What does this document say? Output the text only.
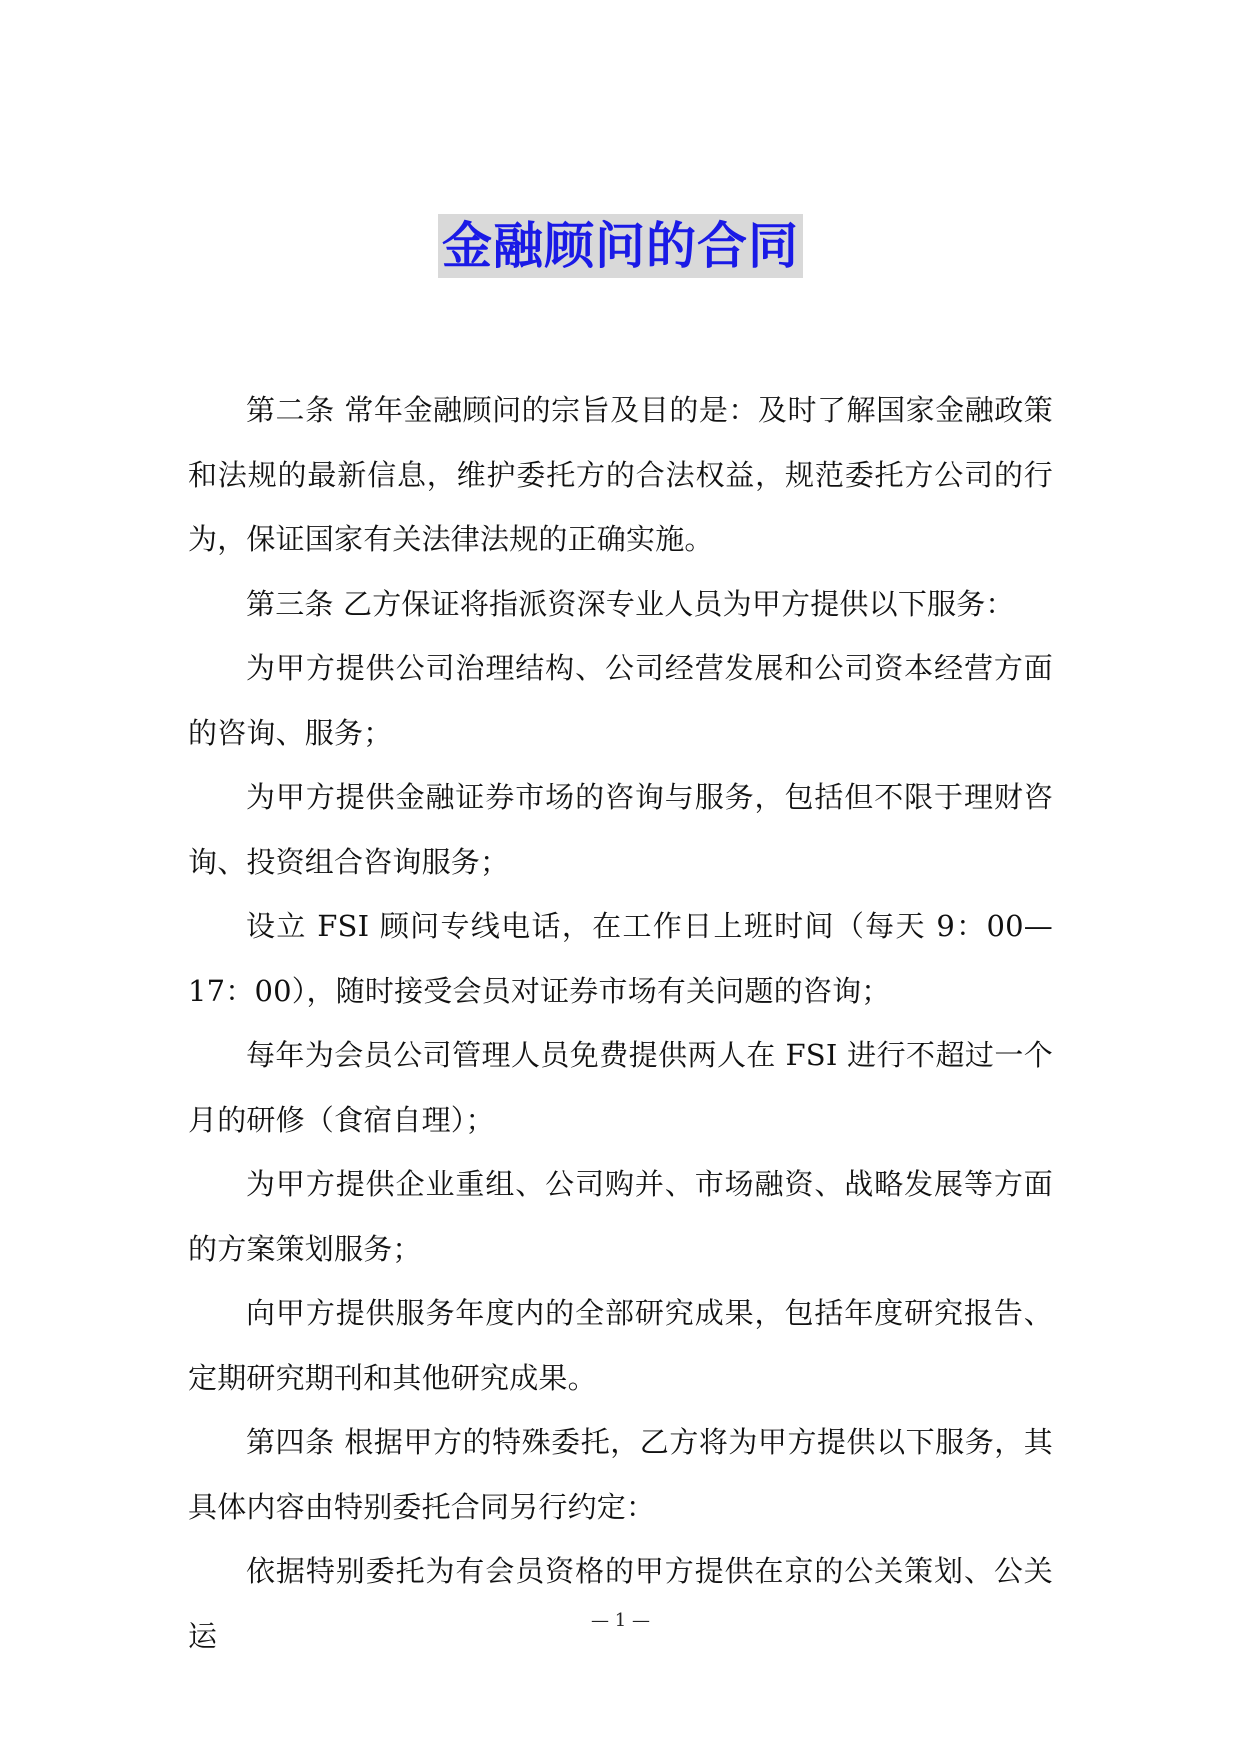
金融顾问的合同

第二条 常年金融顾问的宗旨及目的是：及时了解国家金融政策和法规的最新信息，维护委托方的合法权益，规范委托方公司的行为，保证国家有关法律法规的正确实施。

第三条 乙方保证将指派资深专业人员为甲方提供以下服务：

为甲方提供公司治理结构、公司经营发展和公司资本经营方面的咨询、服务；

为甲方提供金融证券市场的咨询与服务，包括但不限于理财咨询、投资组合咨询服务；

设立 FSI 顾问专线电话，在工作日上班时间（每天 9：00—17：00），随时接受会员对证券市场有关问题的咨询；

每年为会员公司管理人员免费提供两人在 FSI 进行不超过一个月的研修（食宿自理）；

为甲方提供企业重组、公司购并、市场融资、战略发展等方面的方案策划服务；

向甲方提供服务年度内的全部研究成果，包括年度研究报告、定期研究期刊和其他研究成果。

第四条 根据甲方的特殊委托，乙方将为甲方提供以下服务，其具体内容由特别委托合同另行约定：

依据特别委托为有会员资格的甲方提供在京的公关策划、公关运	— 1 —
